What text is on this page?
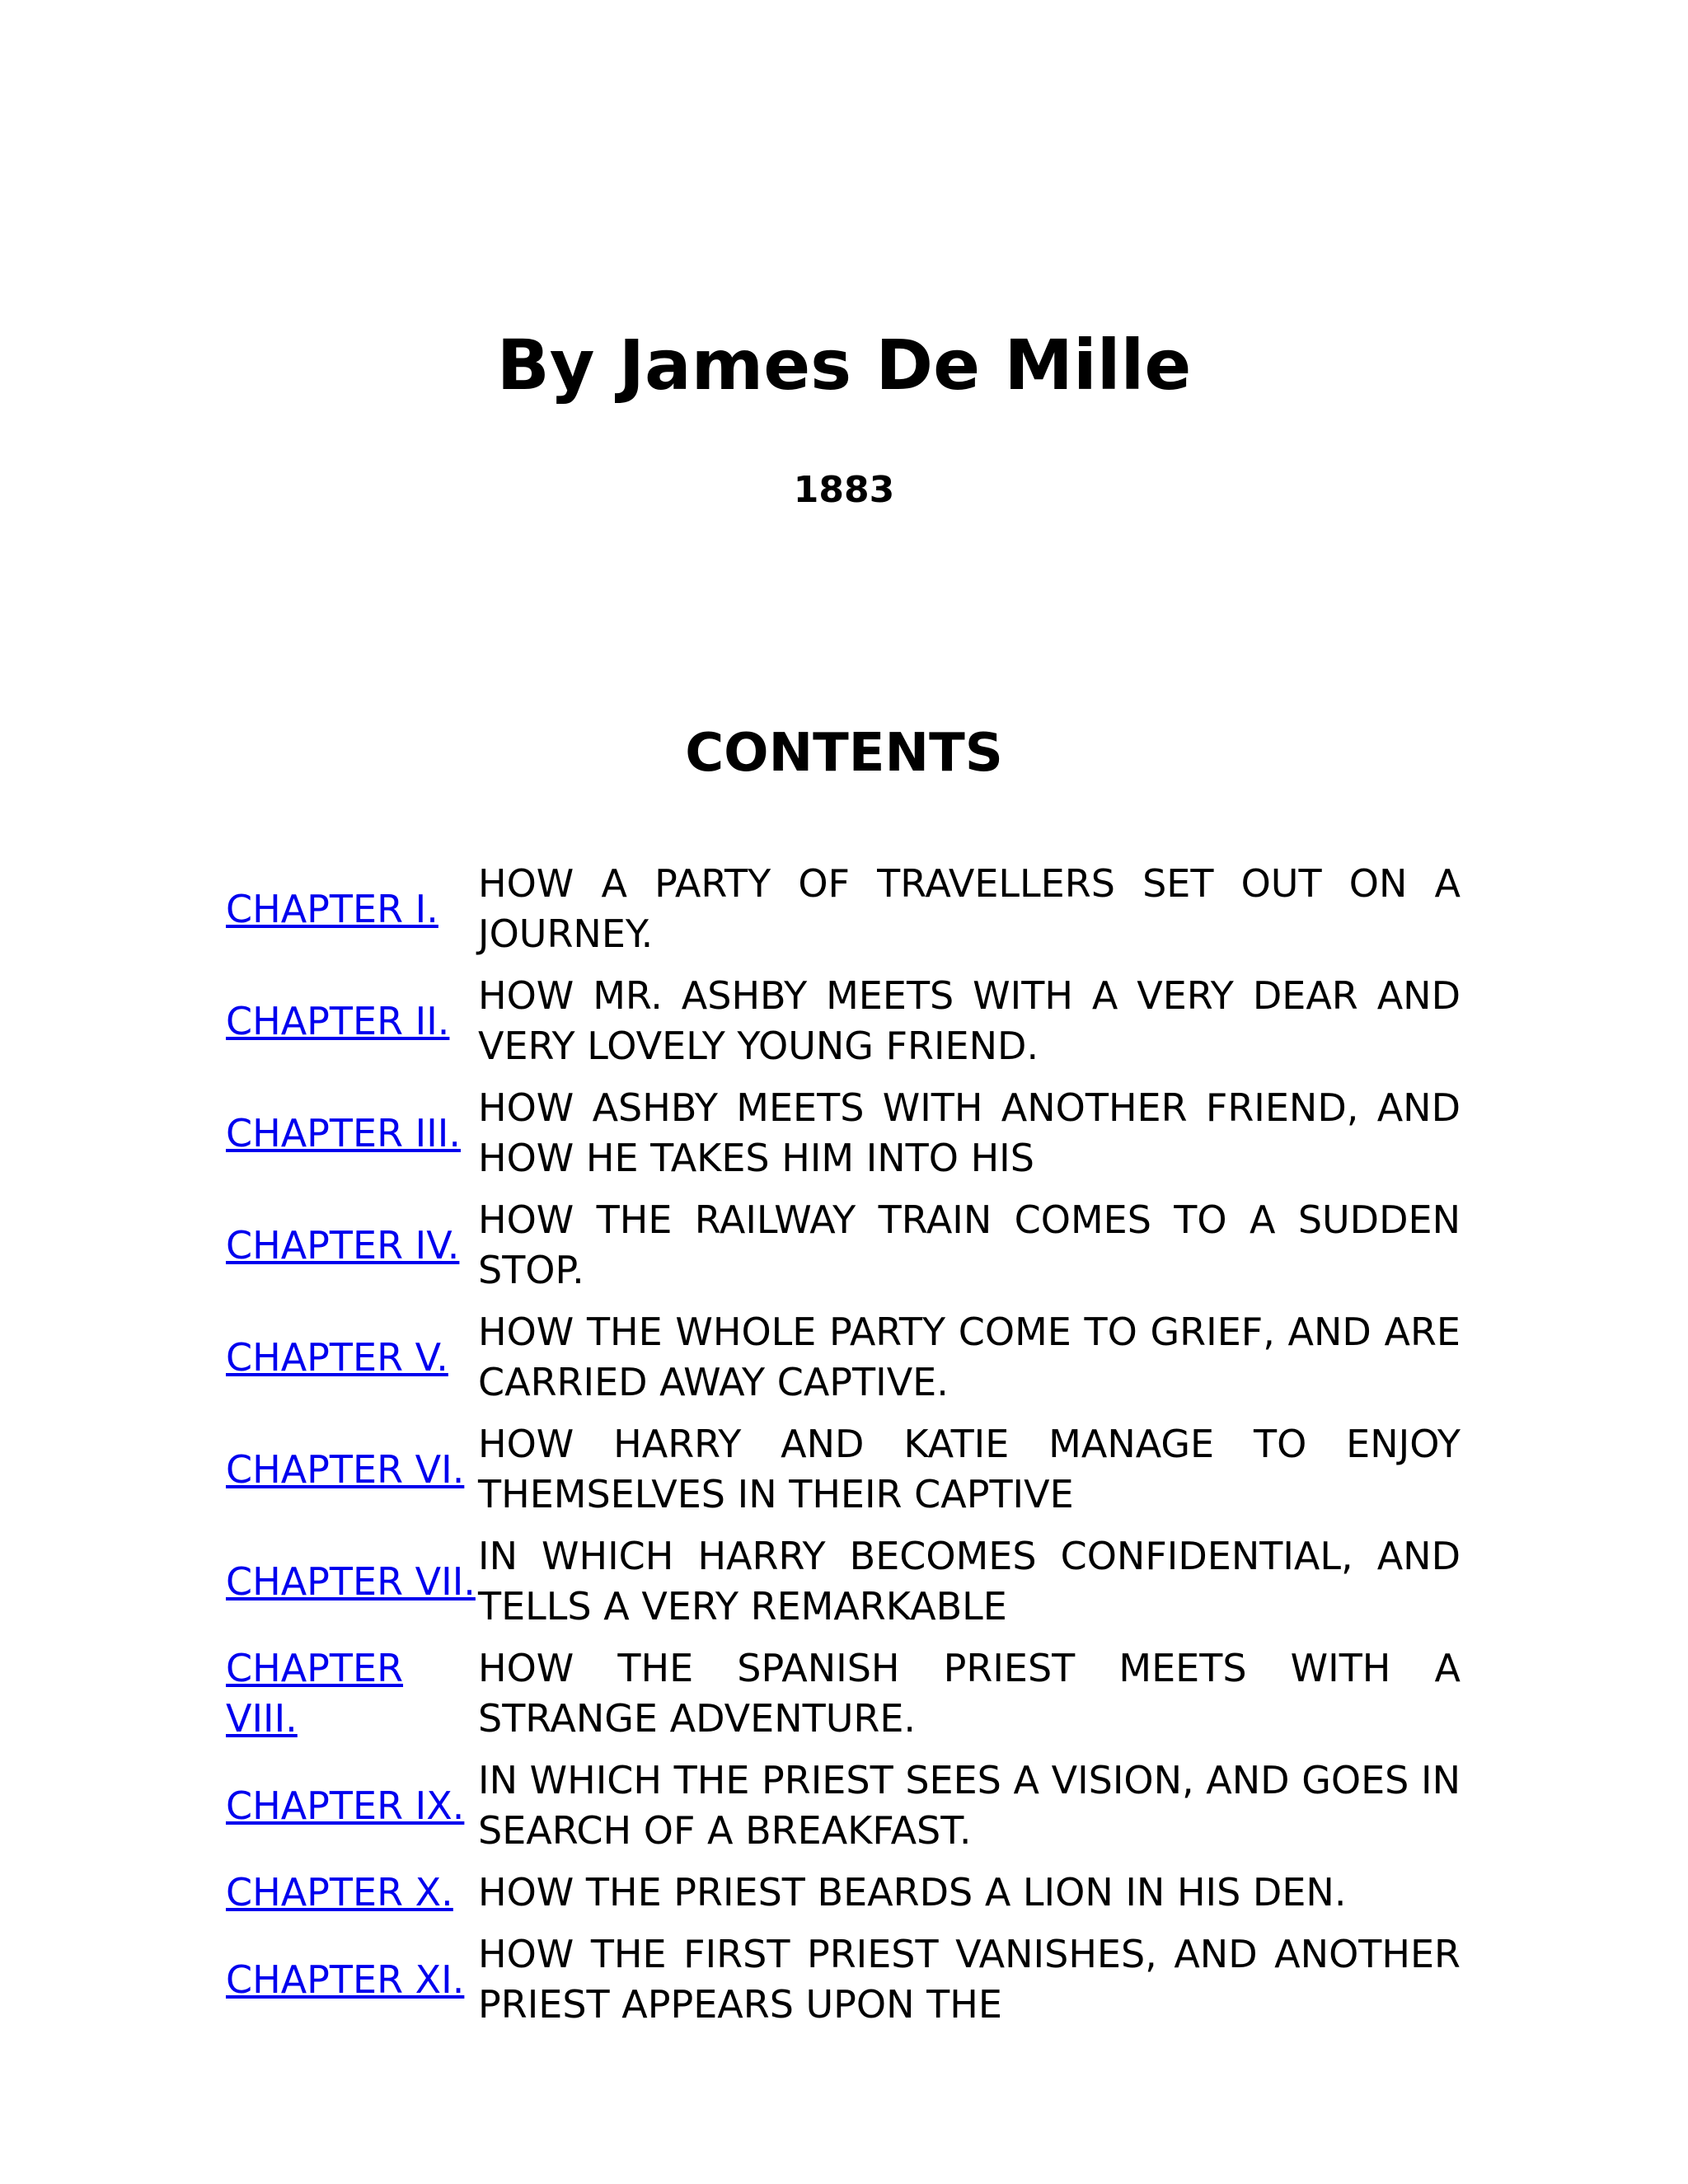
By James De Mille
1883
CONTENTS
CHAPTER I.	HOW A PARTY OF TRAVELLERS SET OUT ON A JOURNEY.
CHAPTER II.	HOW MR. ASHBY MEETS WITH A VERY DEAR AND VERY LOVELY YOUNG FRIEND.
CHAPTER III.	HOW ASHBY MEETS WITH ANOTHER FRIEND, AND HOW HE TAKES HIM INTO HIS
CHAPTER IV.	HOW THE RAILWAY TRAIN COMES TO A SUDDEN STOP.
CHAPTER V.	HOW THE WHOLE PARTY COME TO GRIEF, AND ARE CARRIED AWAY CAPTIVE.
CHAPTER VI.	HOW HARRY AND KATIE MANAGE TO ENJOY THEMSELVES IN THEIR CAPTIVE
CHAPTER VII.	IN WHICH HARRY BECOMES CONFIDENTIAL, AND TELLS A VERY REMARKABLE
CHAPTER VIII.	HOW THE SPANISH PRIEST MEETS WITH A STRANGE ADVENTURE.
CHAPTER IX.	IN WHICH THE PRIEST SEES A VISION, AND GOES IN SEARCH OF A BREAKFAST.
CHAPTER X.	HOW THE PRIEST BEARDS A LION IN HIS DEN.
CHAPTER XI.	HOW THE FIRST PRIEST VANISHES, AND ANOTHER PRIEST APPEARS UPON THE
